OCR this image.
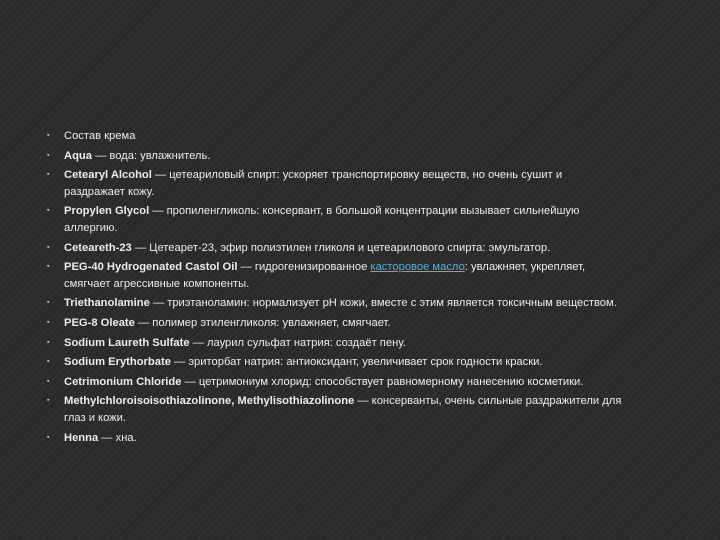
▪ Состав крема
▪ Aqua — вода: увлажнитель.
▪ Cetearyl Alcohol — цетеариловый спирт: ускоряет транспортировку веществ, но очень сушит и раздражает кожу.
▪ Propylen Glycol — пропиленгликоль: консервант, в большой концентрации вызывает сильнейшую аллергию.
▪ Ceteareth-23 — Цетеарет-23, эфир полиэтилен гликоля и цетеарилового спирта: эмульгатор.
▪ PEG-40 Hydrogenated Castol Oil — гидрогенизированное касторовое масло: увлажняет, укрепляет, смягчает агрессивные компоненты.
▪ Triethanolamine — триэтаноламин: нормализует pH кожи, вместе с этим является токсичным веществом.
▪ PEG-8 Oleate — полимер этиленгликоля: увлажняет, смягчает.
▪ Sodium Laureth Sulfate — лаурил сульфат натрия: создаёт пену.
▪ Sodium Erythorbate — эриторбат натрия: антиоксидант, увеличивает срок годности краски.
▪ Cetrimonium Chloride — цетримониум хлорид: способствует равномерному нанесению косметики.
▪ Methylchloroisoisothiazolinone, Methylisothiazolinone — консерванты, очень сильные раздражители для глаз и кожи.
▪ Henna — хна.
